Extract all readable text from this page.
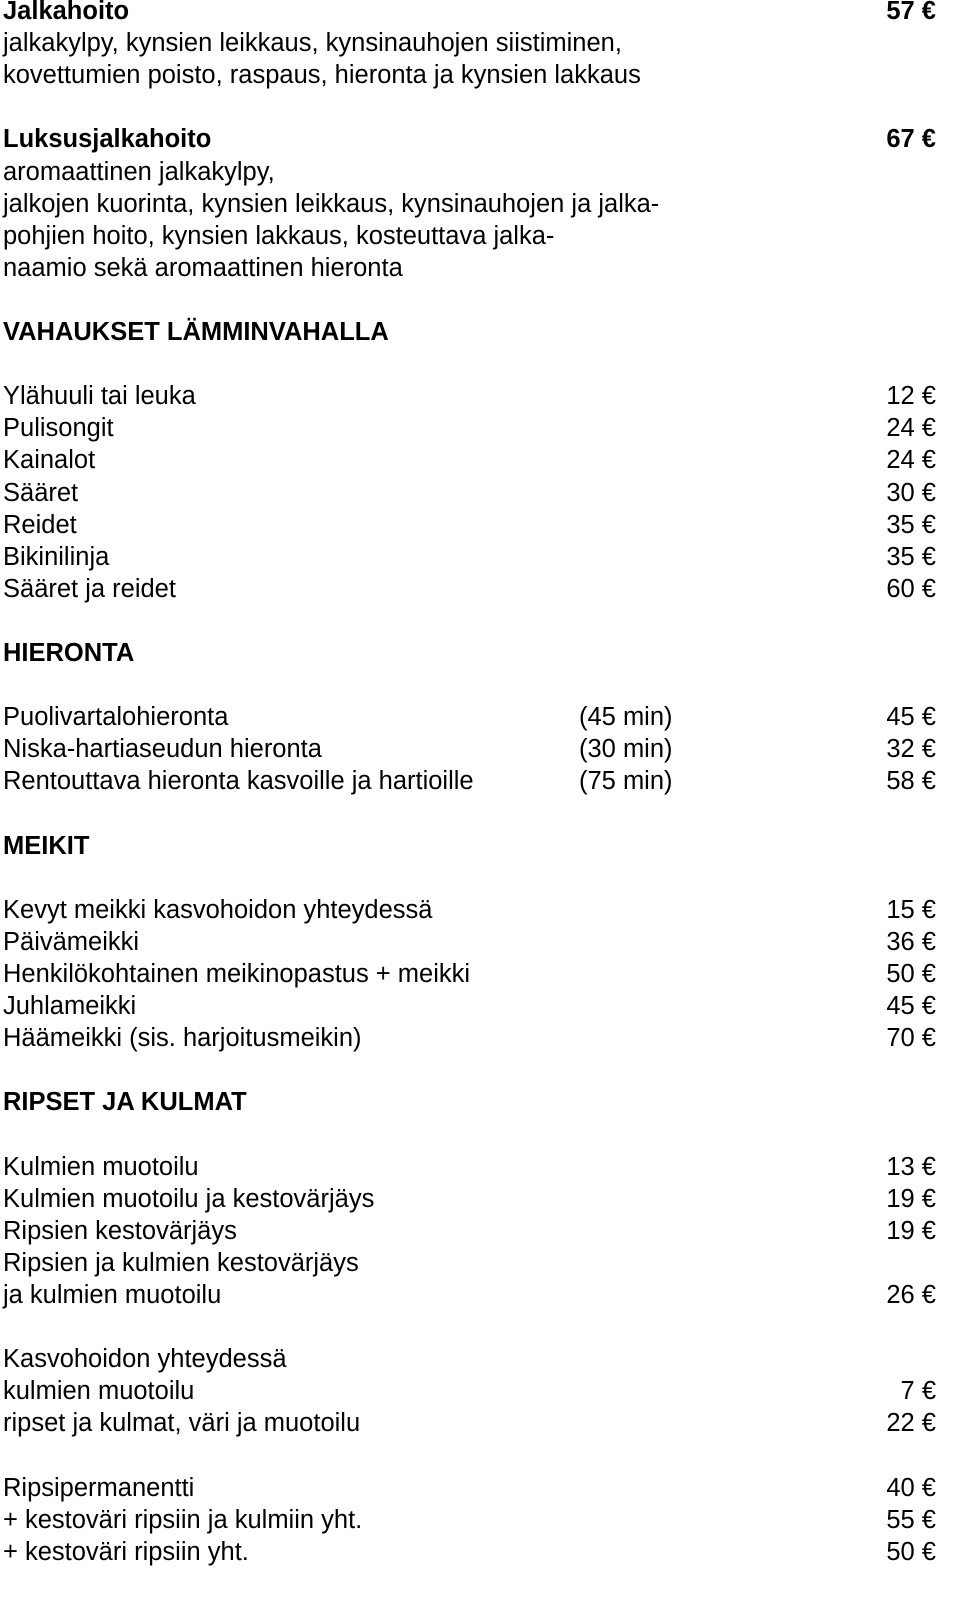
Jalkahoito	57 €
jalkakylpy, kynsien leikkaus, kynsinauhojen siistiminen,
kovettumien poisto, raspaus, hieronta ja kynsien lakkaus
Luksusjalkahoito	67 €
aromaattinen jalkakylpy,
jalkojen kuorinta, kynsien leikkaus, kynsinauhojen ja jalka-
pohjien hoito, kynsien lakkaus, kosteuttava jalka-
naamio sekä aromaattinen hieronta
VAHAUKSET LÄMMINVAHALLA
Ylähuuli tai leuka	12 €
Pulisongit	24 €
Kainalot	24 €
Sääret	30 €
Reidet	35 €
Bikinilinja	35 €
Sääret ja reidet	60 €
HIERONTA
Puolivartalohieronta	(45 min)	45 €
Niska-hartiaseudun hieronta	(30 min)	32 €
Rentouttava hieronta kasvoille ja hartioille	(75 min)	58 €
MEIKIT
Kevyt meikki kasvohoidon yhteydessä	15 €
Päivämeikki	36 €
Henkilökohtainen meikinopastus + meikki	50 €
Juhlameikki	45 €
Häämeikki (sis. harjoitusmeikin)	70 €
RIPSET JA KULMAT
Kulmien muotoilu	13 €
Kulmien muotoilu ja kestovärjäys	19 €
Ripsien kestovärjäys	19 €
Ripsien ja kulmien kestovärjäys
ja kulmien muotoilu	26 €
Kasvohoidon yhteydessä
kulmien muotoilu	7 €
ripset ja kulmat, väri ja muotoilu	22 €
Ripsipermanentti	40 €
+ kestoväri ripsiin ja kulmiin yht.	55 €
+ kestoväri ripsiin yht.	50 €
